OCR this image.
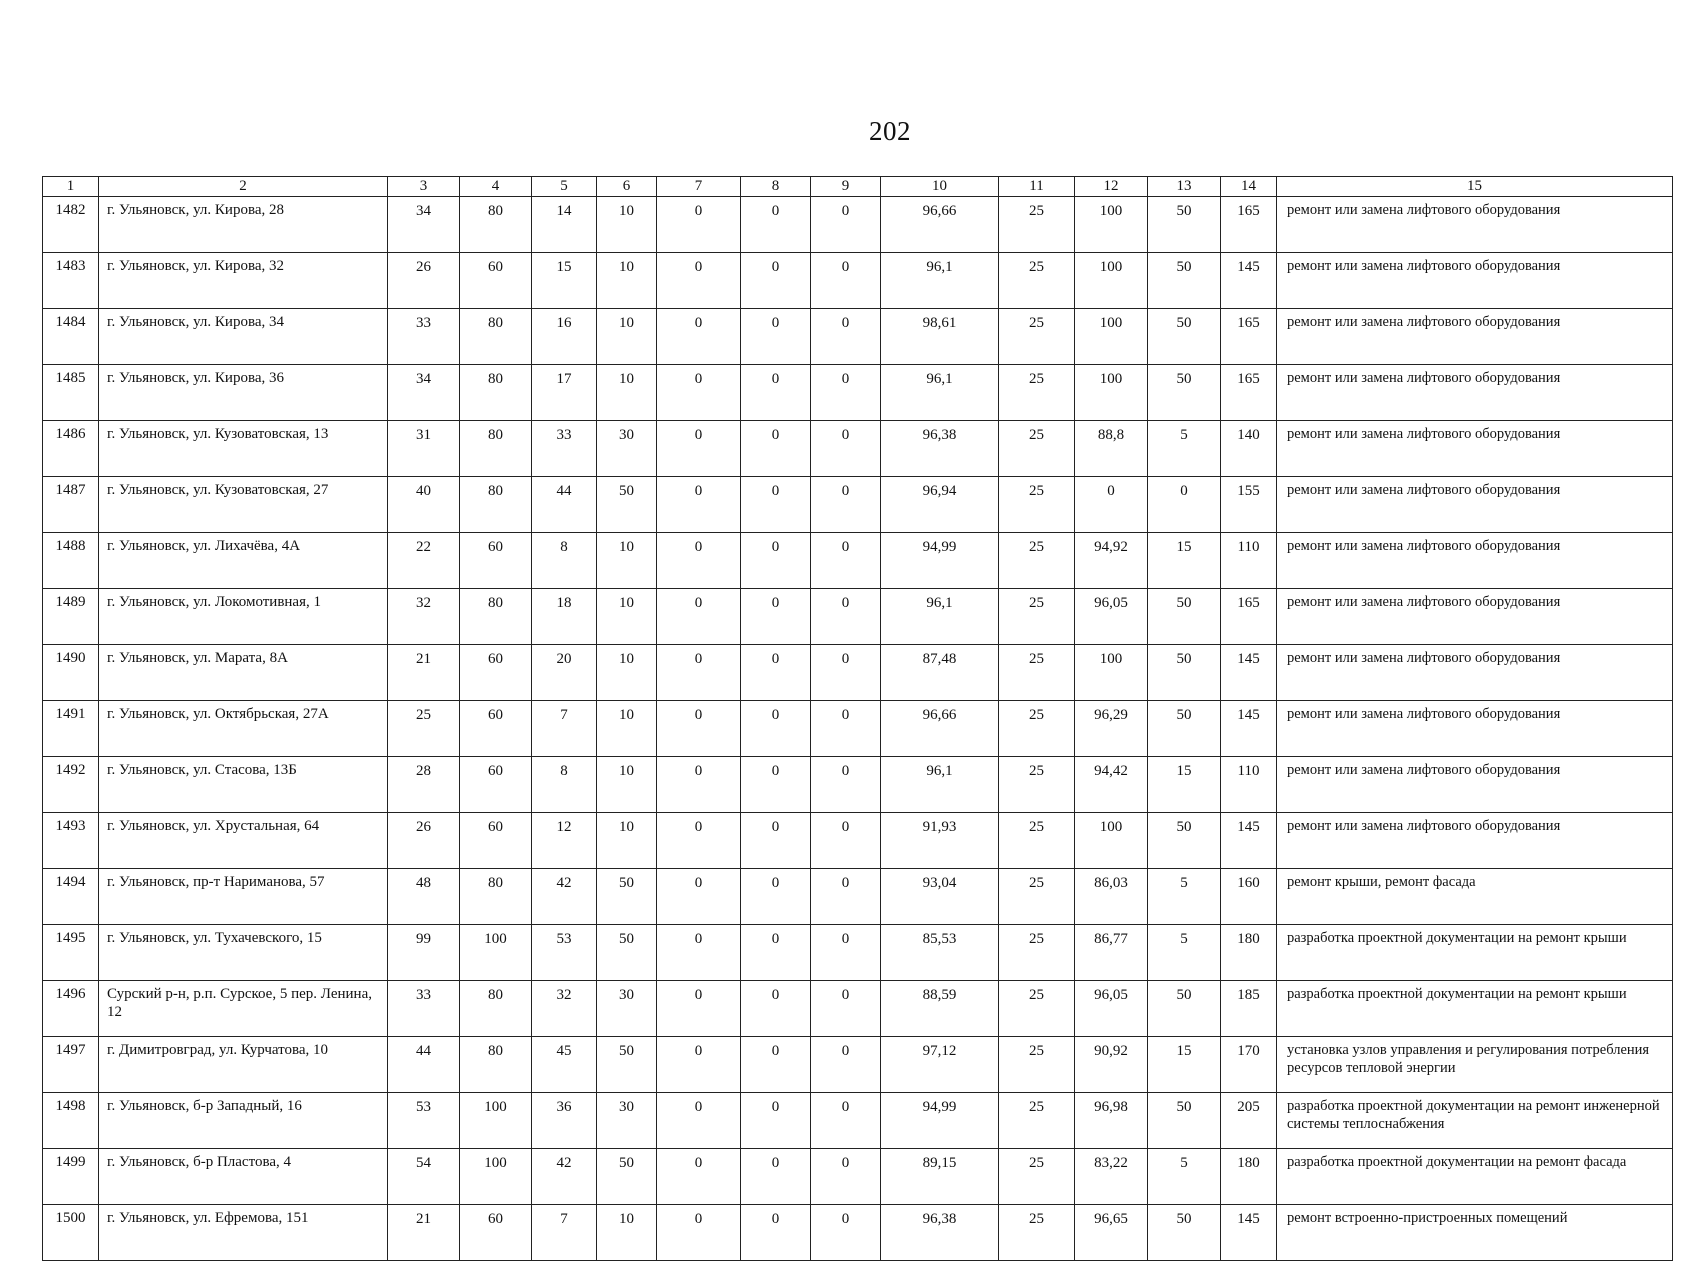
202
1	2	3	4	5	6	7	8	9	10	11	12	13	14	15
1482	г. Ульяновск, ул. Кирова, 28	34	80	14	10	0	0	0	96,66	25	100	50	165	ремонт или замена лифтового оборудования
1483	г. Ульяновск, ул. Кирова, 32	26	60	15	10	0	0	0	96,1	25	100	50	145	ремонт или замена лифтового оборудования
1484	г. Ульяновск, ул. Кирова, 34	33	80	16	10	0	0	0	98,61	25	100	50	165	ремонт или замена лифтового оборудования
1485	г. Ульяновск, ул. Кирова, 36	34	80	17	10	0	0	0	96,1	25	100	50	165	ремонт или замена лифтового оборудования
1486	г. Ульяновск, ул. Кузоватовская, 13	31	80	33	30	0	0	0	96,38	25	88,8	5	140	ремонт или замена лифтового оборудования
1487	г. Ульяновск, ул. Кузоватовская, 27	40	80	44	50	0	0	0	96,94	25	0	0	155	ремонт или замена лифтового оборудования
1488	г. Ульяновск, ул. Лихачёва, 4А	22	60	8	10	0	0	0	94,99	25	94,92	15	110	ремонт или замена лифтового оборудования
1489	г. Ульяновск, ул. Локомотивная, 1	32	80	18	10	0	0	0	96,1	25	96,05	50	165	ремонт или замена лифтового оборудования
1490	г. Ульяновск, ул. Марата, 8А	21	60	20	10	0	0	0	87,48	25	100	50	145	ремонт или замена лифтового оборудования
1491	г. Ульяновск, ул. Октябрьская, 27А	25	60	7	10	0	0	0	96,66	25	96,29	50	145	ремонт или замена лифтового оборудования
1492	г. Ульяновск, ул. Стасова, 13Б	28	60	8	10	0	0	0	96,1	25	94,42	15	110	ремонт или замена лифтового оборудования
1493	г. Ульяновск, ул. Хрустальная, 64	26	60	12	10	0	0	0	91,93	25	100	50	145	ремонт или замена лифтового оборудования
1494	г. Ульяновск, пр-т Нариманова, 57	48	80	42	50	0	0	0	93,04	25	86,03	5	160	ремонт крыши, ремонт фасада
1495	г. Ульяновск, ул. Тухачевского, 15	99	100	53	50	0	0	0	85,53	25	86,77	5	180	разработка проектной документации на ремонт крыши
1496	Сурский р-н, р.п. Сурское, 5 пер. Ленина, 12	33	80	32	30	0	0	0	88,59	25	96,05	50	185	разработка проектной документации на ремонт крыши
1497	г. Димитровград, ул. Курчатова, 10	44	80	45	50	0	0	0	97,12	25	90,92	15	170	установка узлов управления и регулирования потребления ресурсов тепловой энергии
1498	г. Ульяновск, б-р Западный, 16	53	100	36	30	0	0	0	94,99	25	96,98	50	205	разработка проектной документации на ремонт инженерной системы теплоснабжения
1499	г. Ульяновск, б-р Пластова, 4	54	100	42	50	0	0	0	89,15	25	83,22	5	180	разработка проектной документации на ремонт фасада
1500	г. Ульяновск, ул. Ефремова, 151	21	60	7	10	0	0	0	96,38	25	96,65	50	145	ремонт встроенно-пристроенных помещений
